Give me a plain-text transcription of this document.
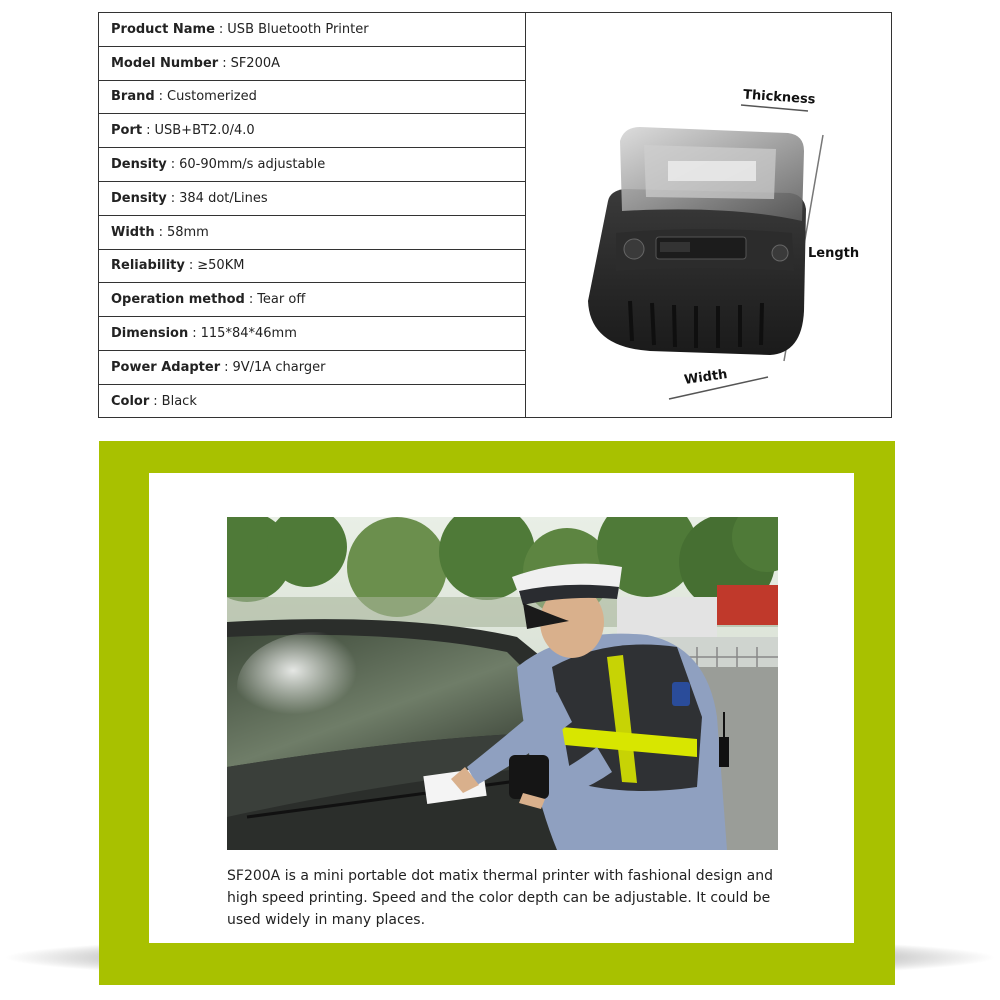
Product Name : USB Bluetooth Printer
Model Number : SF200A
Brand : Customerized
Port : USB+BT2.0/4.0
Density : 60-90mm/s adjustable
Density : 384 dot/Lines
Width : 58mm
Reliability : ≥50KM
Operation method : Tear off
Dimension : 115*84*46mm
Power Adapter : 9V/1A charger
Color : Black
Thickness
Length
Width
SF200A is a mini portable dot matix thermal printer with fashional design and high speed printing. Speed and the color depth can be adjustable. It could be used widely in many places.
